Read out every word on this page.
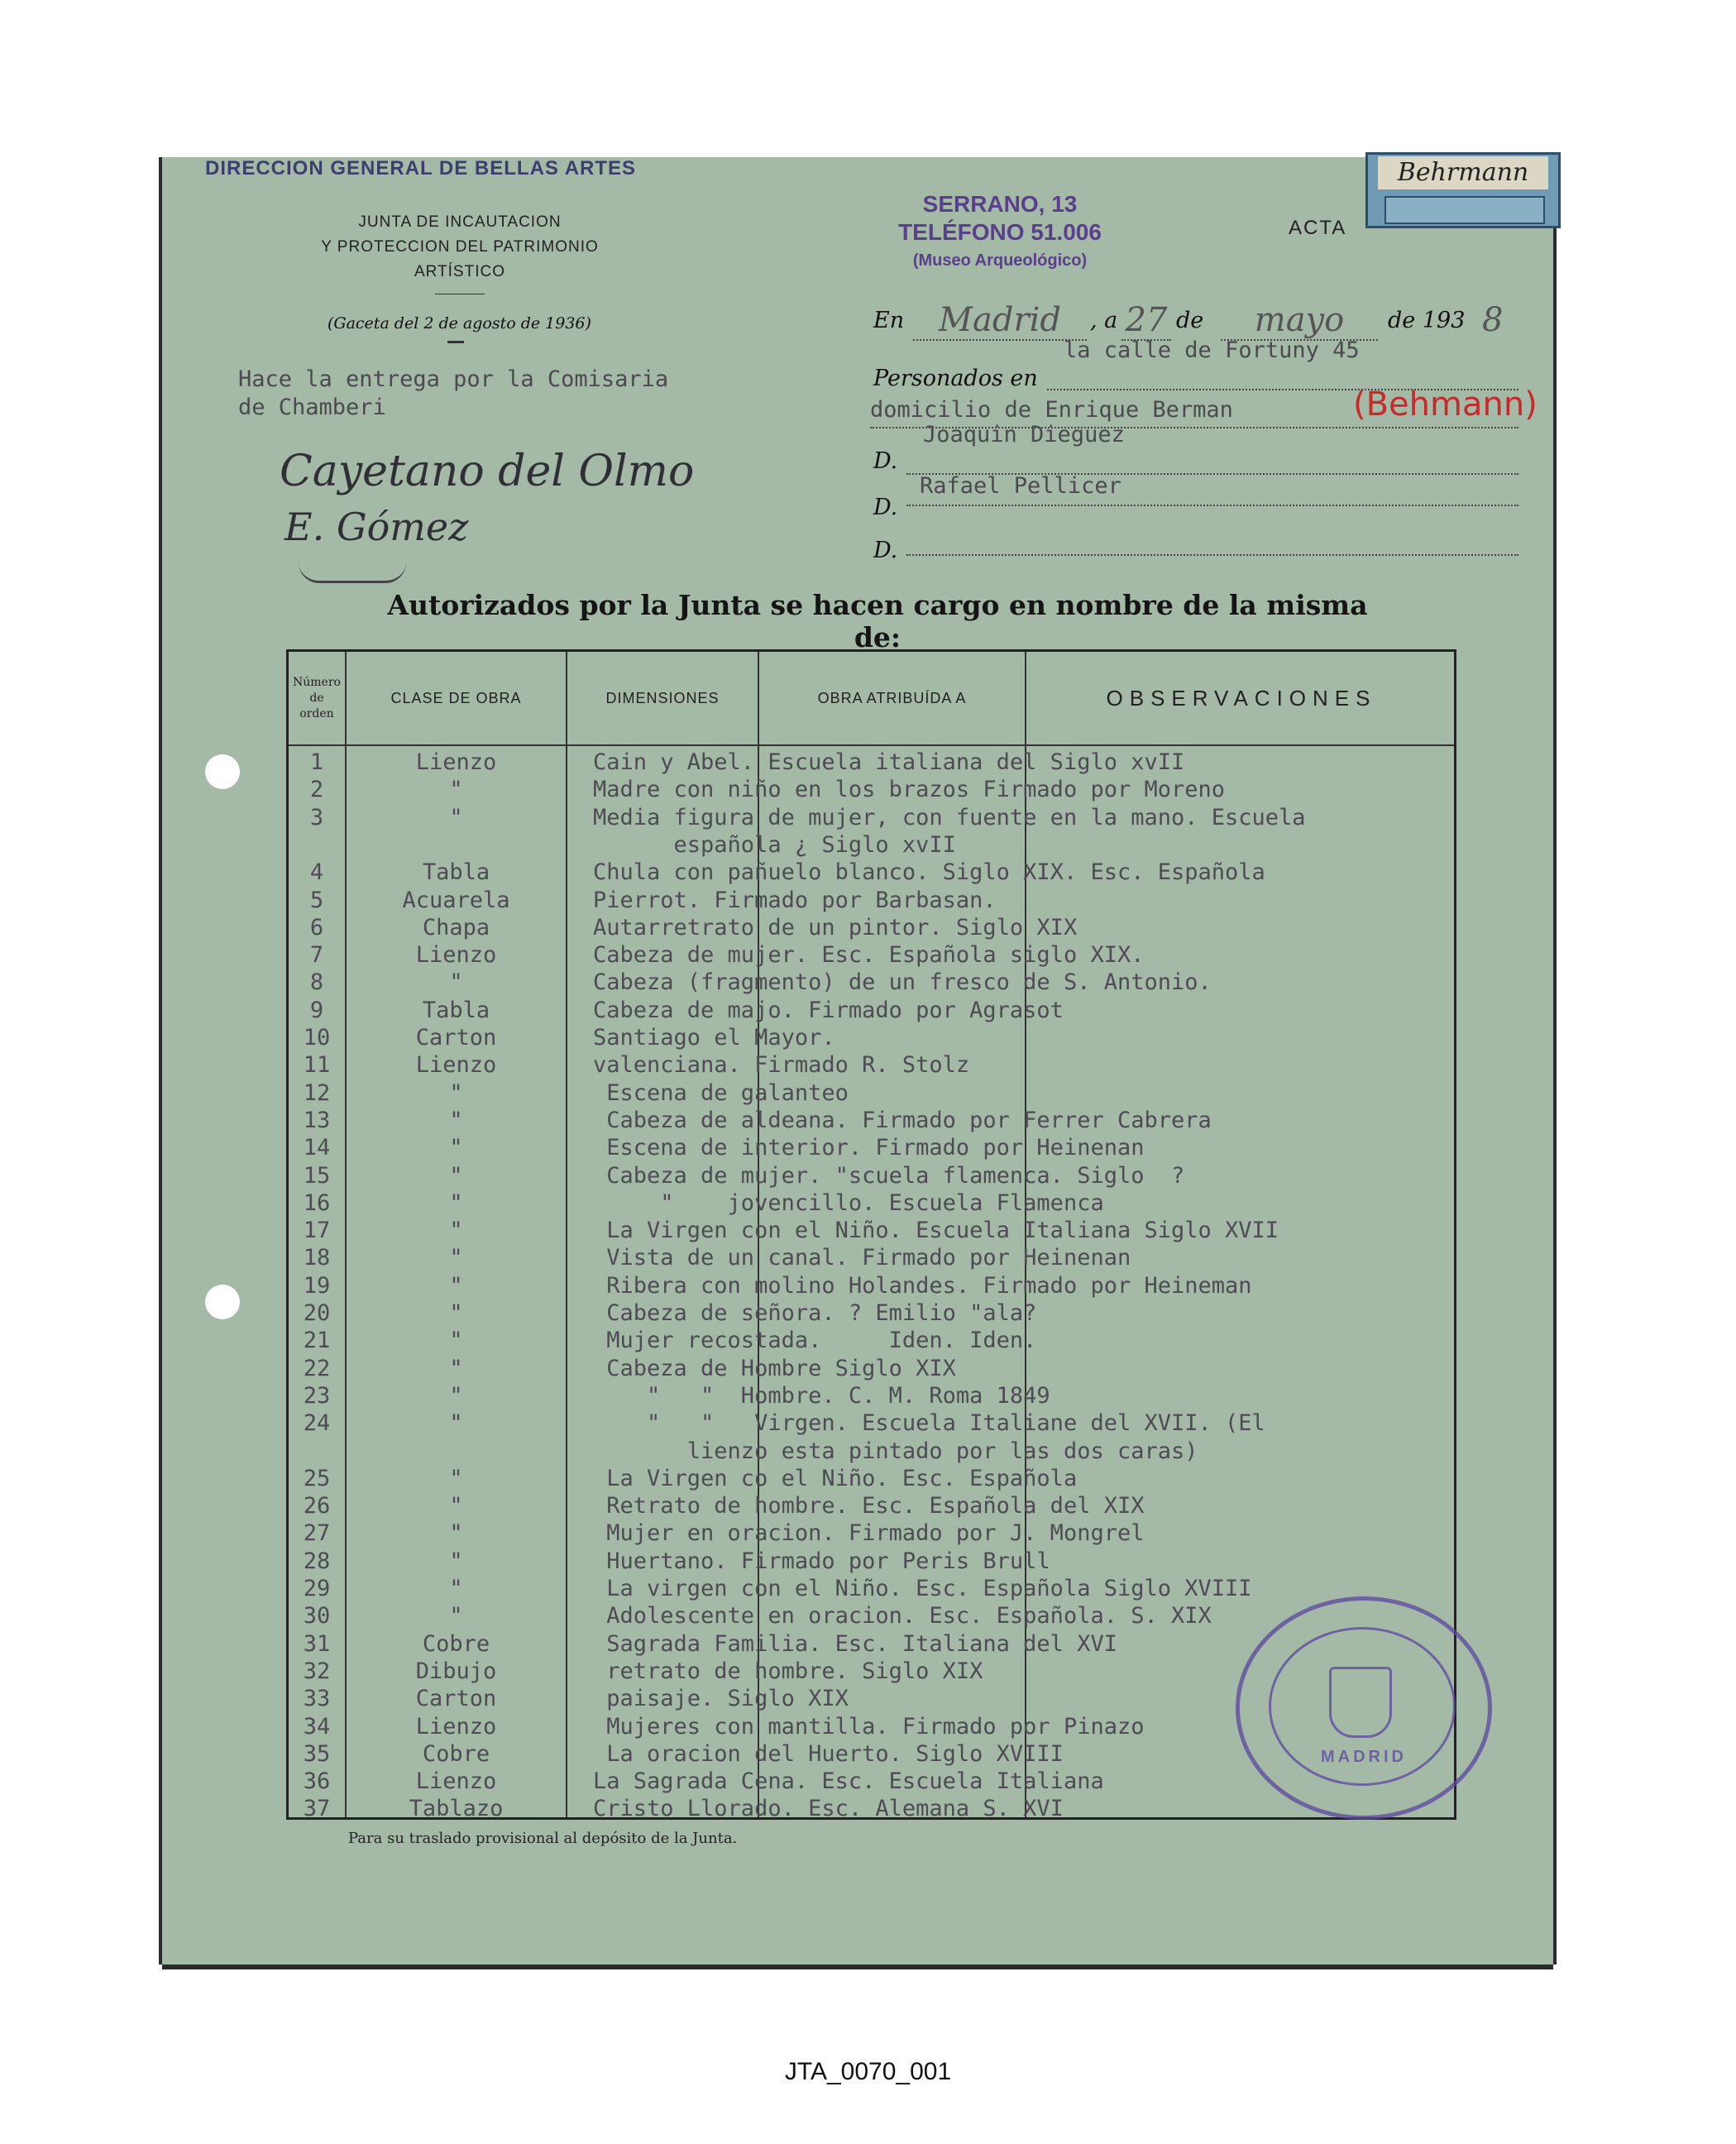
DIRECCION GENERAL DE BELLAS ARTES
JUNTA DE INCAUTACION
Y PROTECCION DEL PATRIMONIO
ARTÍSTICO
(Gaceta del 2 de agosto de 1936)
SERRANO, 13
TELÉFONO 51.006
(Museo Arqueológico)
ACTA
Behrmann
Hace la entrega por la Comisaria
de Chamberi
Cayetano del Olmo
E. Gómez
En	Madrid	, a 27 de	mayo	de 193 8
la calle de Fortuny 45
Personados en
domicilio de Enrique Berman	(Behmann)
D.
Joaquin Dieguez
D.
Rafael Pellicer
D.
Autorizados por la Junta se hacen cargo en nombre de la misma de:
Número
de
orden
CLASE DE OBRA	DIMENSIONES	OBRA ATRIBUÍDA A	OBSERVACIONES
1	Lienzo	Cain y Abel. Escuela italiana del Siglo xvII
2	"	Madre con niño en los brazos Firmado por Moreno
3	"	Media figura de mujer, con fuente en la mano. Escuela
española ¿ Siglo xvII
4	Tabla	Chula con pañuelo blanco. Siglo XIX. Esc. Española
5	Acuarela	Pierrot. Firmado por Barbasan.
6	Chapa	Autarretrato de un pintor. Siglo XIX
7	Lienzo	Cabeza de mujer. Esc. Española siglo XIX.
8	"	Cabeza (fragmento) de un fresco de S. Antonio.
9	Tabla	Cabeza de majo. Firmado por Agrasot
10	Carton	Santiago el Mayor.
11	Lienzo	valenciana. Firmado R. Stolz
12	"	Escena de galanteo
13	"	Cabeza de aldeana. Firmado por Ferrer Cabrera
14	"	Escena de interior. Firmado por Heinenan
15	"	Cabeza de mujer. "scuela flamenca. Siglo  ?
16	"	"    jovencillo. Escuela Flamenca
17	"	La Virgen con el Niño. Escuela Italiana Siglo XVII
18	"	Vista de un canal. Firmado por Heinenan
19	"	Ribera con molino Holandes. Firmado por Heineman
20	"	Cabeza de señora. ? Emilio "ala?
21	"	Mujer recostada.     Iden. Iden.
22	"	Cabeza de Hombre Siglo XIX
23	"	"   "  Hombre. C. M. Roma 1849
24	"	"   "   Virgen. Escuela Italiane del XVII. (El
lienzo esta pintado por las dos caras)
25	"	La Virgen co el Niño. Esc. Española
26	"	Retrato de hombre. Esc. Española del XIX
27	"	Mujer en oracion. Firmado por J. Mongrel
28	"	Huertano. Firmado por Peris Brull
29	"	La virgen con el Niño. Esc. Española Siglo XVIII
30	"	Adolescente en oracion. Esc. Española. S. XIX
31	Cobre	Sagrada Familia. Esc. Italiana del XVI
32	Dibujo	retrato de hombre. Siglo XIX
33	Carton	paisaje. Siglo XIX
34	Lienzo	Mujeres con mantilla. Firmado por Pinazo
35	Cobre	La oracion del Huerto. Siglo XVIII
36	Lienzo	La Sagrada Cena. Esc. Escuela Italiana
37	Tablazo	Cristo Llorado. Esc. Alemana S. XVI
Para su traslado provisional al depósito de la Junta.
MADRID
JTA_0070_001
